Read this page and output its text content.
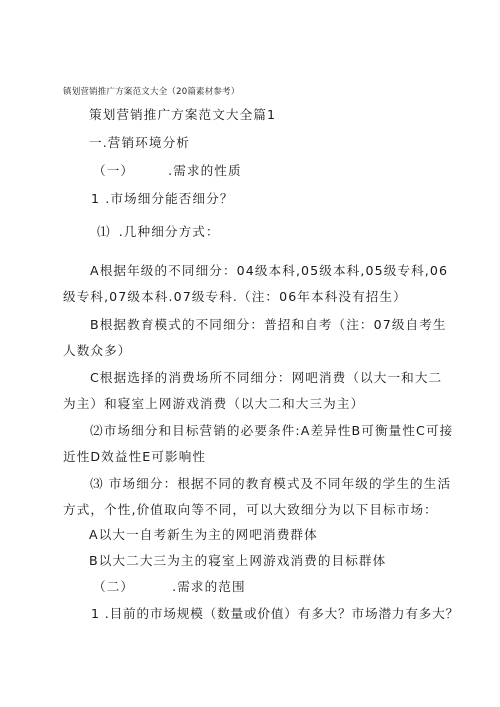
镇划营销推广方案范文大全（20篇素材参考）
策划营销推广方案范文大全篇1
一.营销环境分析
（一）	.需求的性质
1 .市场细分能否细分？
⑴ .几种细分方式：
A根据年级的不同细分：04级本科,05级本科,05级专科,06级专科,07级本科.07级专科.（注：06年本科没有招生）
B根据教育模式的不同细分：普招和自考（注：07级自考生人数众多）
C根据选择的消费场所不同细分：网吧消费（以大一和大二为主）和寝室上网游戏消费（以大二和大三为主）
⑵市场细分和目标营销的必要条件:A差异性B可衡量性C可接近性D效益性E可影响性
⑶ 市场细分：根据不同的教育模式及不同年级的学生的生活方式，个性,价值取向等不同，可以大致细分为以下目标市场：
A以大一自考新生为主的网吧消费群体
B以大二大三为主的寝室上网游戏消费的目标群体
（二）	.需求的范围
1 .目前的市场规模（数量或价值）有多大？市场潜力有多大？
